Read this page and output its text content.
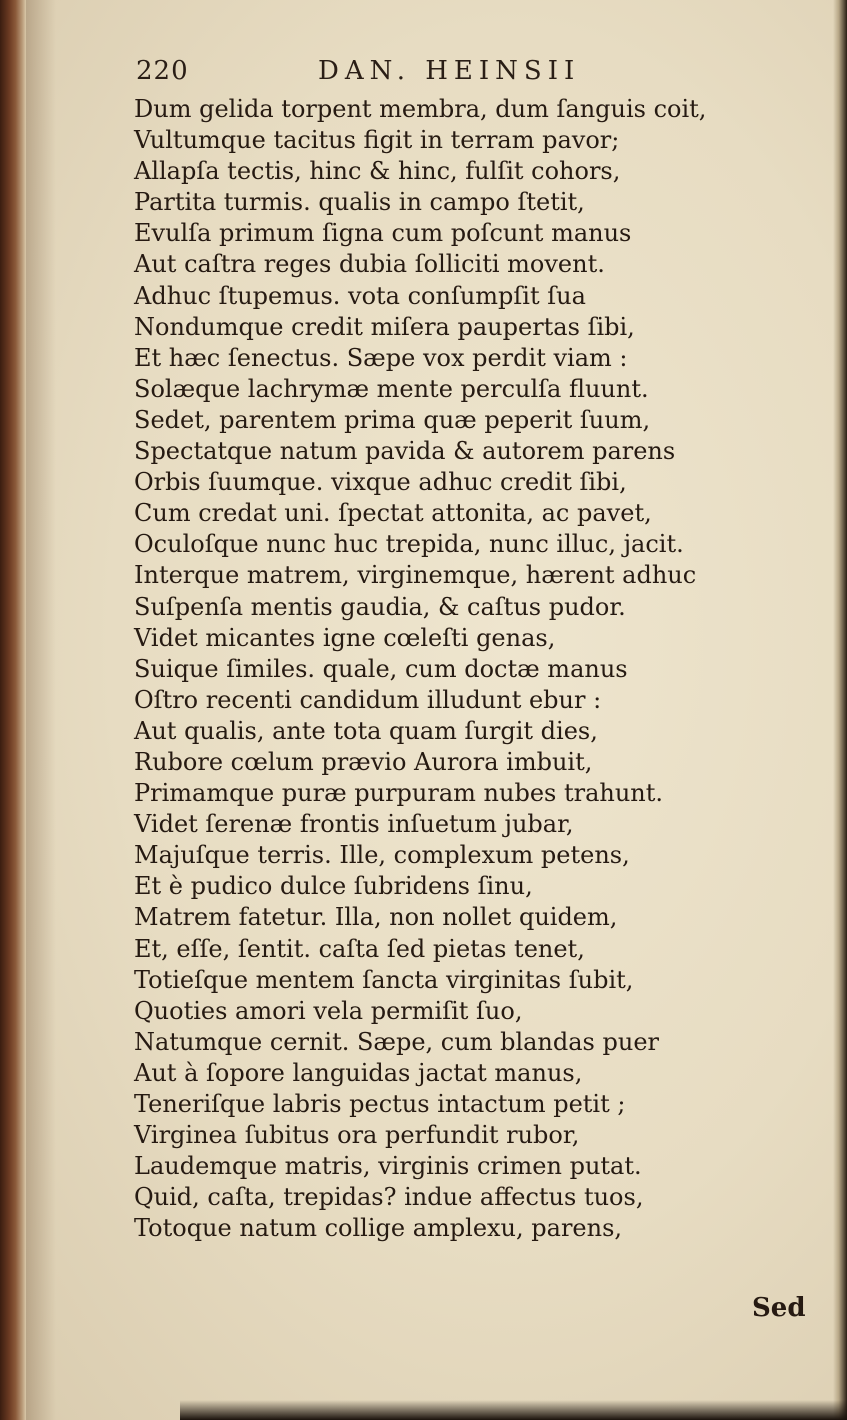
220	DAN. HEINSII
Dum gelida torpent membra, dum ſanguis coit,
Vultumque tacitus figit in terram pavor;
Allapſa tectis, hinc & hinc, fulſit cohors,
Partita turmis. qualis in campo ſtetit,
Evulſa primum ſigna cum poſcunt manus
Aut caſtra reges dubia ſolliciti movent.
Adhuc ſtupemus. vota conſumpſit ſua
Nondumque credit miſera paupertas ſibi,
Et hæc ſenectus. Sæpe vox perdit viam :
Solæque lachrymæ mente perculſa fluunt.
Sedet, parentem prima quæ peperit ſuum,
Spectatque natum pavida & autorem parens
Orbis ſuumque. vixque adhuc credit ſibi,
Cum credat uni. ſpectat attonita, ac pavet,
Oculoſque nunc huc trepida, nunc illuc, jacit.
Interque matrem, virginemque, hærent adhuc
Suſpenſa mentis gaudia, & caſtus pudor.
Videt micantes igne cœleſti genas,
Suique ſimiles. quale, cum doctæ manus
Oſtro recenti candidum illudunt ebur :
Aut qualis, ante tota quam ſurgit dies,
Rubore cœlum prævio Aurora imbuit,
Primamque puræ purpuram nubes trahunt.
Videt ſerenæ frontis inſuetum jubar,
Majuſque terris. Ille, complexum petens,
Et è pudico dulce ſubridens ſinu,
Matrem fatetur. Illa, non nollet quidem,
Et, eſſe, ſentit. caſta ſed pietas tenet,
Totieſque mentem ſancta virginitas ſubit,
Quoties amori vela permiſit ſuo,
Natumque cernit. Sæpe, cum blandas puer
Aut à ſopore languidas jactat manus,
Teneriſque labris pectus intactum petit ;
Virginea ſubitus ora perfundit rubor,
Laudemque matris, virginis crimen putat.
Quid, caſta, trepidas? indue affectus tuos,
Totoque natum collige amplexu, parens,
Sed
